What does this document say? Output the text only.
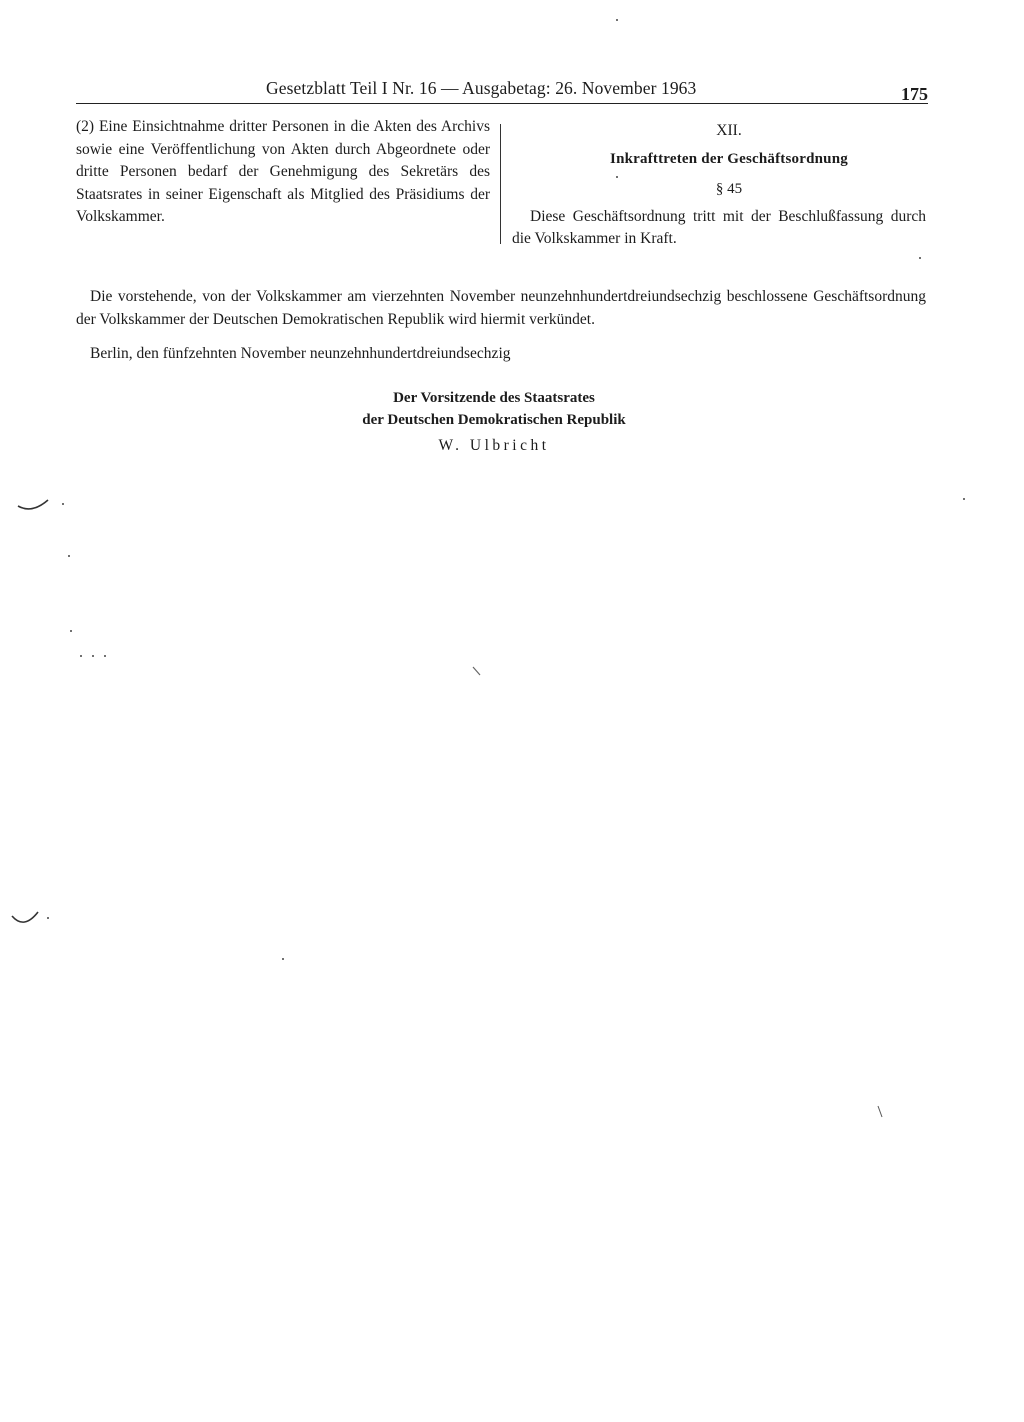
Gesetzblatt Teil I Nr. 16 — Ausgabetag: 26. November 1963	175
(2) Eine Einsichtnahme dritter Personen in die Akten des Archivs sowie eine Veröffentlichung von Akten durch Abgeordnete oder dritte Personen bedarf der Genehmigung des Sekretärs des Staatsrates in seiner Eigenschaft als Mitglied des Präsidiums der Volkskammer.
XII.
Inkrafttreten der Geschäftsordnung
§ 45
Diese Geschäftsordnung tritt mit der Beschlußfassung durch die Volkskammer in Kraft.
Die vorstehende, von der Volkskammer am vierzehnten November neunzehnhundertdreiundsechzig beschlossene Geschäftsordnung der Volkskammer der Deutschen Demokratischen Republik wird hiermit verkündet.
Berlin, den fünfzehnten November neunzehnhundertdreiundsechzig
Der Vorsitzende des Staatsrates
der Deutschen Demokratischen Republik
W. Ulbricht
